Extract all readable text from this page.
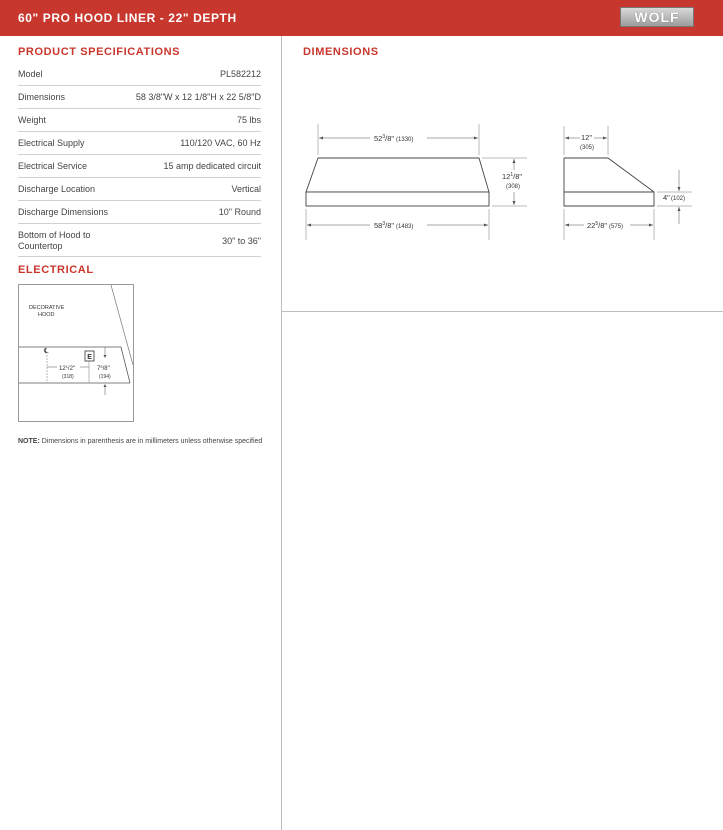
60" PRO HOOD LINER - 22" DEPTH	WOLF
PRODUCT SPECIFICATIONS
Model	PL582212
Dimensions	58 3/8"W x 12 1/8"H x 22 5/8"D
Weight	75 lbs
Electrical Supply	110/120 VAC, 60 Hz
Electrical Service	15 amp dedicated circuit
Discharge Location	Vertical
Discharge Dimensions	10" Round
Bottom of Hood to Countertop	30" to 36"
ELECTRICAL
DECORATIVE
HOOD
℄
E
$12^1/2$"
(318)
$7^5/8$"
(194)
NOTE: Dimensions in parenthesis are in millimeters unless otherwise specified
DIMENSIONS
$52^3/8$" (1330)
$12^1/8$"
(308)
$58^3/8$" (1483)
12"
(305)
4" (102)
$22^5/8$" (575)
